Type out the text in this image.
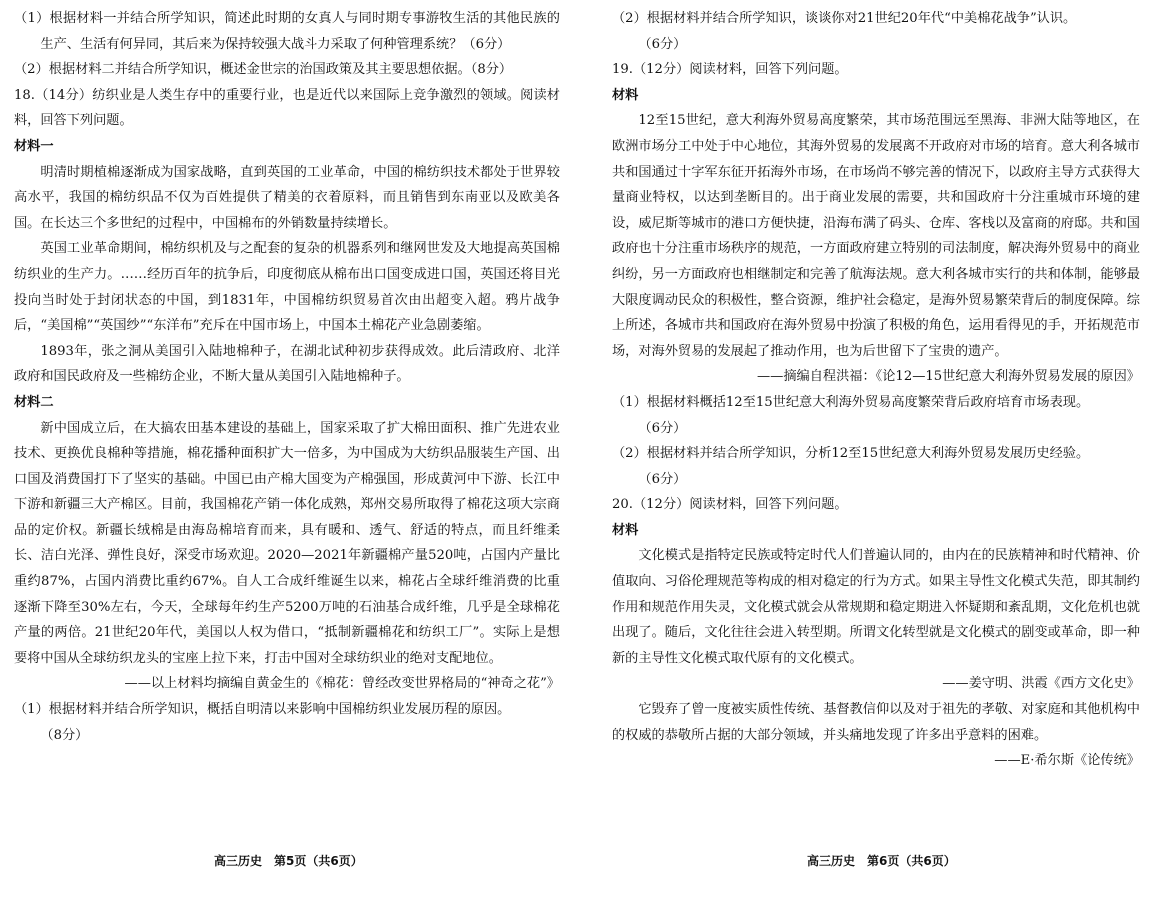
（1）根据材料一并结合所学知识，简述此时期的女真人与同时期专事游牧生活的其他民族的生产、生活有何异同，其后来为保持较强大战斗力采取了何种管理系统？（6分）

（2）根据材料二并结合所学知识，概述金世宗的治国政策及其主要思想依据。（8分）

18.（14分）纺织业是人类生存中的重要行业，也是近代以来国际上竞争激烈的领域。阅读材料，回答下列问题。

材料一

明清时期植棉逐渐成为国家战略，直到英国的工业革命，中国的棉纺织技术都处于世界较高水平，我国的棉纺织品不仅为百姓提供了精美的衣着原料，而且销售到东南亚以及欧美各国。在长达三个多世纪的过程中，中国棉布的外销数量持续增长。

英国工业革命期间，棉纺织机及与之配套的复杂的机器系列和继网世发及大地提高英国棉纺织业的生产力。……经历百年的抗争后，印度彻底从棉布出口国变成进口国，英国还将目光投向当时处于封闭状态的中国，到1831年，中国棉纺织贸易首次由出超变入超。鸦片战争后，“美国棉”“英国纱”“东洋布”充斥在中国市场上，中国本土棉花产业急剧萎缩。

1893年，张之洞从美国引入陆地棉种子，在湖北试种初步获得成效。此后清政府、北洋政府和国民政府及一些棉纺企业，不断大量从美国引入陆地棉种子。

材料二

新中国成立后，在大搞农田基本建设的基础上，国家采取了扩大棉田面积、推广先进农业技术、更换优良棉种等措施，棉花播种面积扩大一倍多，为中国成为大纺织品服装生产国、出口国及消费国打下了坚实的基础。中国已由产棉大国变为产棉强国，形成黄河中下游、长江中下游和新疆三大产棉区。目前，我国棉花产销一体化成熟，郑州交易所取得了棉花这项大宗商品的定价权。新疆长绒棉是由海岛棉培育而来，具有暖和、透气、舒适的特点，而且纤维柔长、洁白光泽、弹性良好，深受市场欢迎。2020—2021年新疆棉产量520吨，占国内产量比重约87%，占国内消费比重约67%。自人工合成纤维诞生以来，棉花占全球纤维消费的比重逐渐下降至30%左右，今天，全球每年约生产5200万吨的石油基合成纤维，几乎是全球棉花产量的两倍。21世纪20年代，美国以人权为借口，“抵制新疆棉花和纺织工厂”。实际上是想要将中国从全球纺织龙头的宝座上拉下来，打击中国对全球纺织业的绝对支配地位。

——以上材料均摘编自黄金生的《棉花：曾经改变世界格局的“神奇之花”》

（1）根据材料并结合所学知识，概括自明清以来影响中国棉纺织业发展历程的原因。

（8分）

高三历史　第5页（共6页）

（2）根据材料并结合所学知识，谈谈你对21世纪20年代“中美棉花战争”认识。

（6分）

19.（12分）阅读材料，回答下列问题。

材料

12至15世纪，意大利海外贸易高度繁荣，其市场范围远至黑海、非洲大陆等地区，在欧洲市场分工中处于中心地位，其海外贸易的发展离不开政府对市场的培育。意大利各城市共和国通过十字军东征开拓海外市场，在市场尚不够完善的情况下，以政府主导方式获得大量商业特权，以达到垄断目的。出于商业发展的需要，共和国政府十分注重城市环境的建设，威尼斯等城市的港口方便快捷，沿海布满了码头、仓库、客栈以及富商的府邸。共和国政府也十分注重市场秩序的规范，一方面政府建立特别的司法制度，解决海外贸易中的商业纠纷，另一方面政府也相继制定和完善了航海法规。意大利各城市实行的共和体制，能够最大限度调动民众的积极性，整合资源，维护社会稳定，是海外贸易繁荣背后的制度保障。综上所述，各城市共和国政府在海外贸易中扮演了积极的角色，运用看得见的手，开拓规范市场，对海外贸易的发展起了推动作用，也为后世留下了宝贵的遗产。

——摘编自程洪福：《论12—15世纪意大利海外贸易发展的原因》

（1）根据材料概括12至15世纪意大利海外贸易高度繁荣背后政府培育市场表现。

（6分）

（2）根据材料并结合所学知识，分析12至15世纪意大利海外贸易发展历史经验。

（6分）

20.（12分）阅读材料，回答下列问题。

材料

文化模式是指特定民族或特定时代人们普遍认同的，由内在的民族精神和时代精神、价值取向、习俗伦理规范等构成的相对稳定的行为方式。如果主导性文化模式失范，即其制约作用和规范作用失灵，文化模式就会从常规期和稳定期进入怀疑期和紊乱期，文化危机也就出现了。随后，文化往往会进入转型期。所谓文化转型就是文化模式的剧变或革命，即一种新的主导性文化模式取代原有的文化模式。

——姜守明、洪霞《西方文化史》

它毁弃了曾一度被实质性传统、基督教信仰以及对于祖先的孝敬、对家庭和其他机构中的权威的恭敬所占据的大部分领域，并头痛地发现了许多出乎意料的困难。

——E·希尔斯《论传统》

高三历史　第6页（共6页）
